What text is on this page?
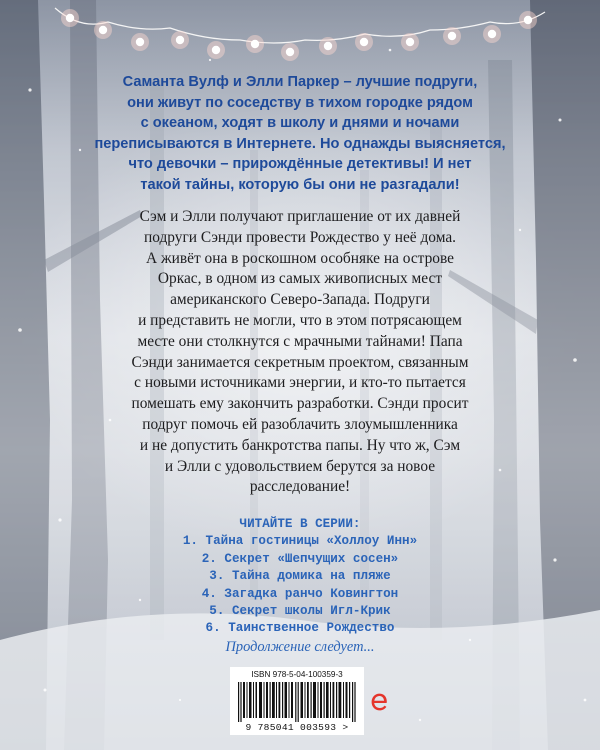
Саманта Вулф и Элли Паркер – лучшие подруги,
они живут по соседству в тихом городке рядом
с океаном, ходят в школу и днями и ночами
переписываются в Интернете. Но однажды выясняется,
что девочки – прирождённые детективы! И нет
такой тайны, которую бы они не разгадали!
Сэм и Элли получают приглашение от их давней
подруги Сэнди провести Рождество у неё дома.
А живёт она в роскошном особняке на острове
Оркас, в одном из самых живописных мест
американского Северо-Запада. Подруги
и представить не могли, что в этом потрясающем
месте они столкнутся с мрачными тайнами! Папа
Сэнди занимается секретным проектом, связанным
с новыми источниками энергии, и кто-то пытается
помешать ему закончить разработки. Сэнди просит
подруг помочь ей разоблачить злоумышленника
и не допустить банкротства папы. Ну что ж, Сэм
и Элли с удовольствием берутся за новое
расследование!
ЧИТАЙТЕ В СЕРИИ:
1. Тайна гостиницы «Холлоу Инн»
2. Секрет «Шепчущих сосен»
3. Тайна домика на пляже
4. Загадка ранчо Ковингтон
5. Секрет школы Игл-Крик
6. Таинственное Рождество
Продолжение следует...
ISBN 978-5-04-100359-3
9 785041 003593 >
